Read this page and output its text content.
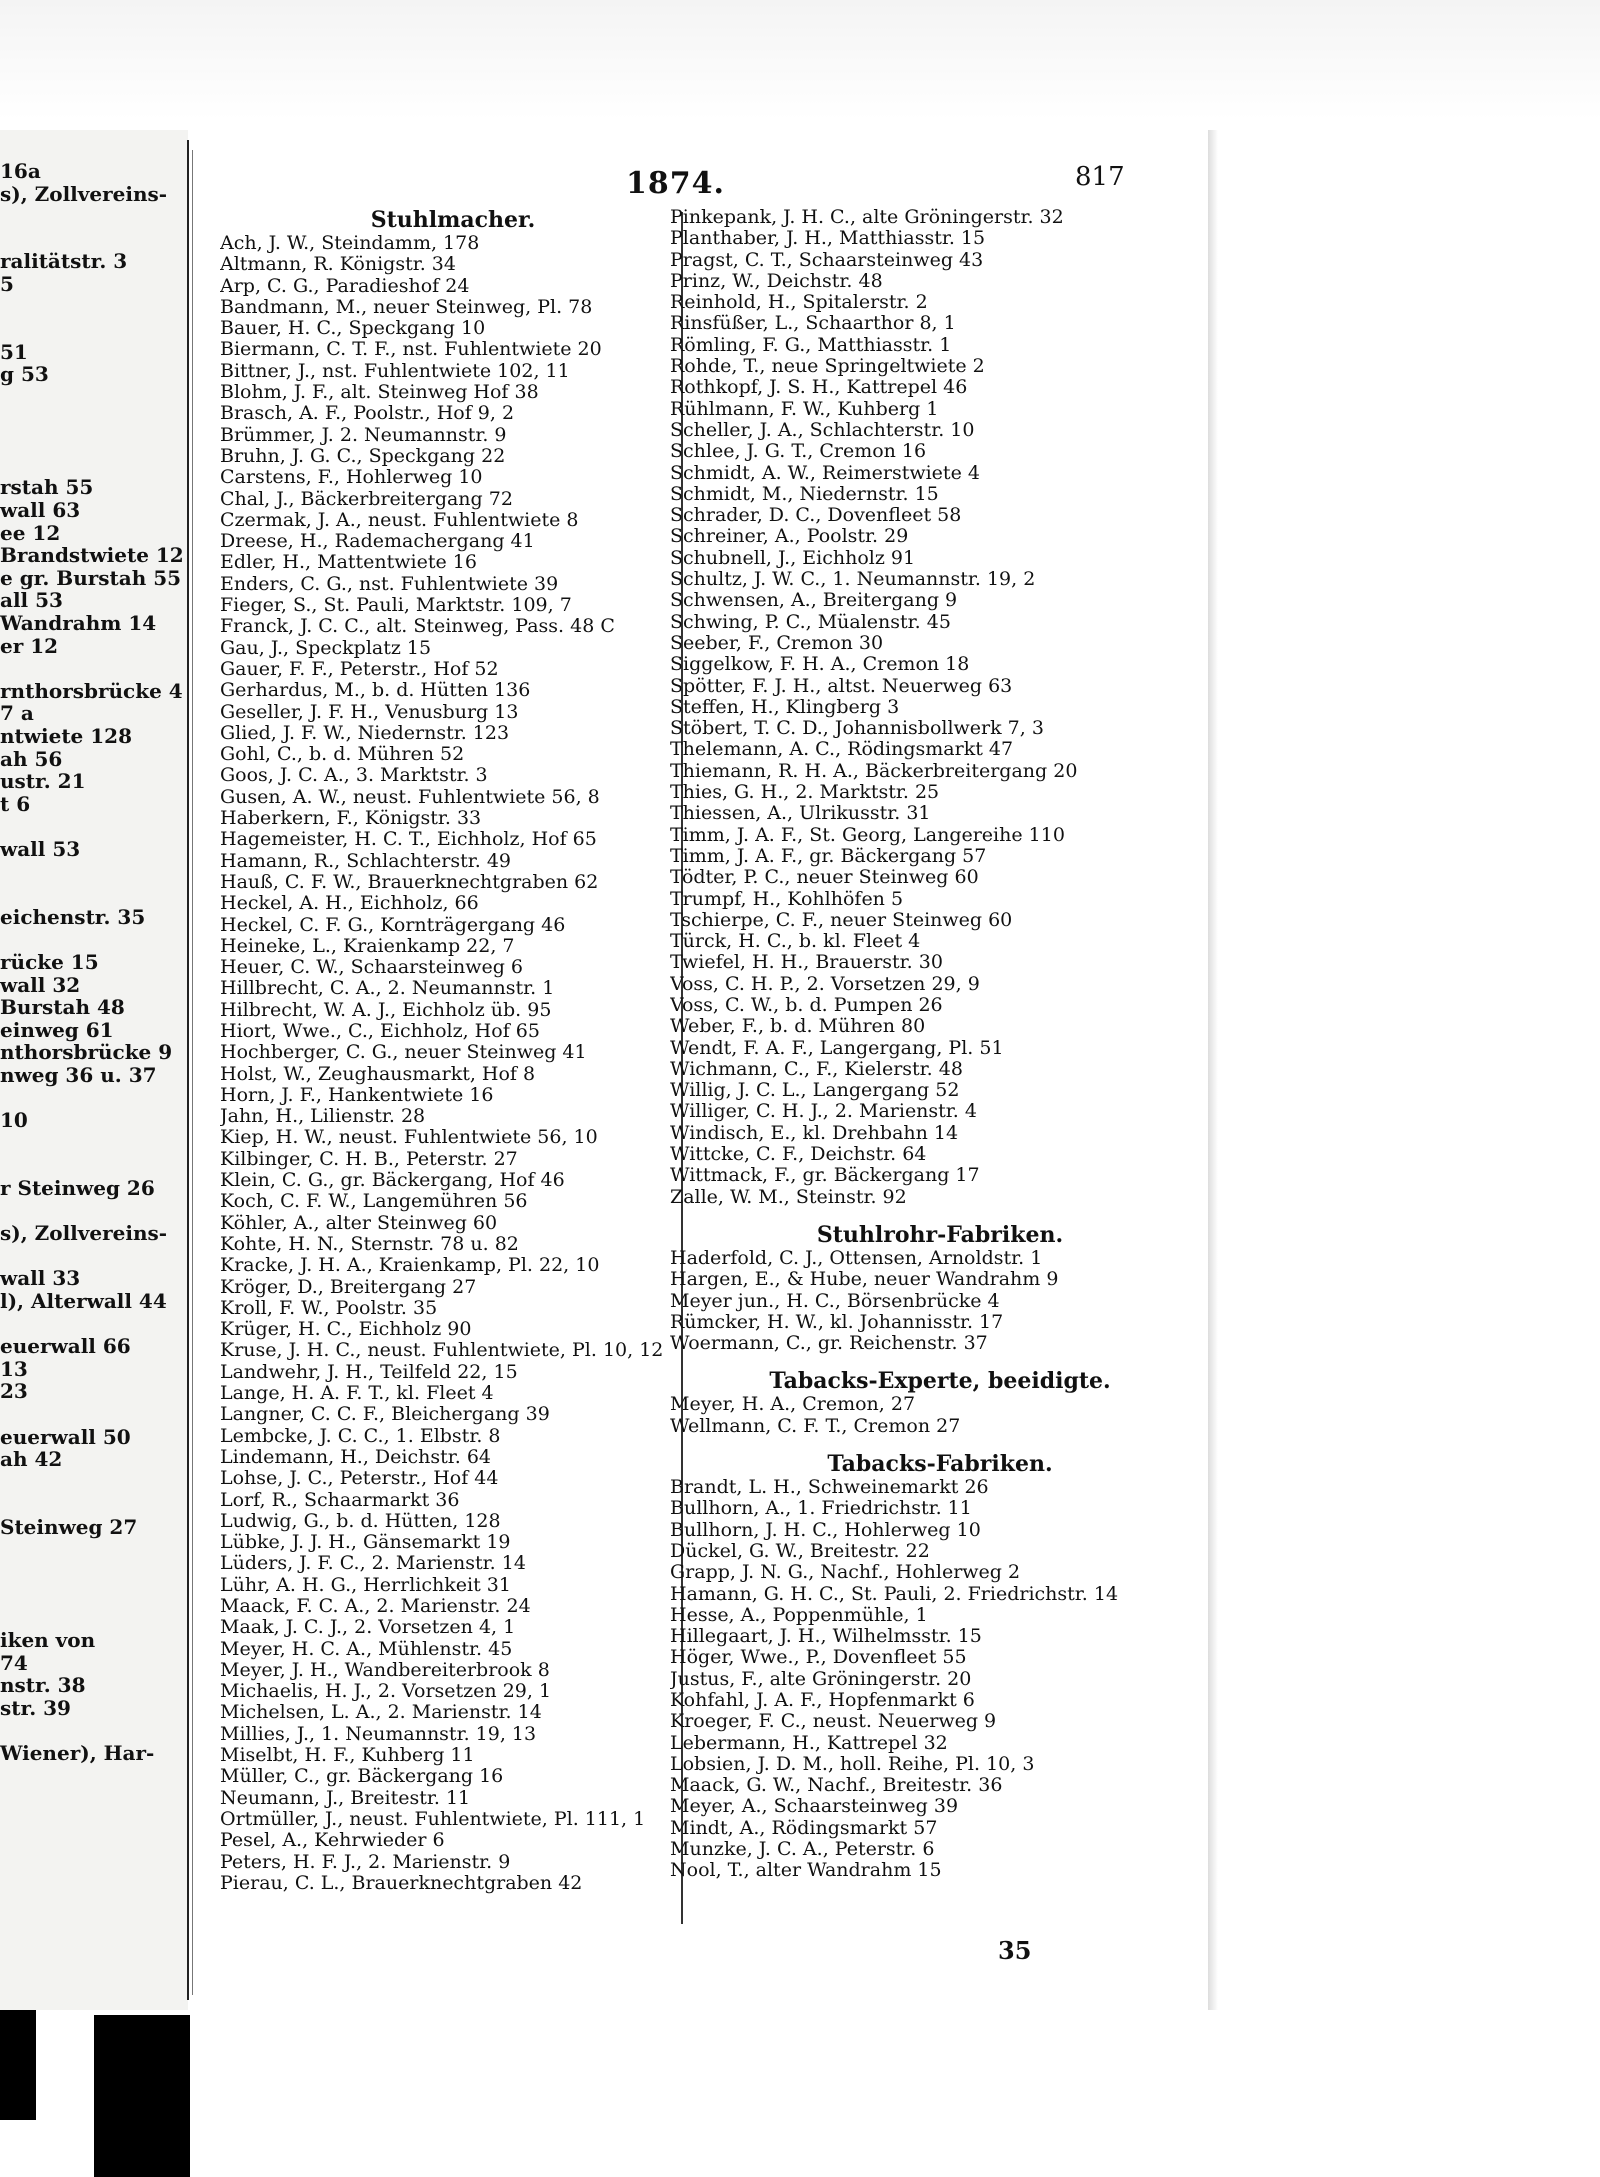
16a
s), Zollvereins-
ralitätstr. 3
5
51
g 53
rstah 55
wall 63
ee 12
Brandstwiete 12
e gr. Burstah 55
all 53
Wandrahm 14
er 12
rnthorsbrücke 4
7 a
ntwiete 128
ah 56
ustr. 21
t 6
wall 53
eichenstr. 35
rücke 15
wall 32
Burstah 48
einweg 61
nthorsbrücke 9
nweg 36 u. 37
10
r Steinweg 26
s), Zollvereins-
wall 33
l), Alterwall 44
euerwall 66
13
23
euerwall 50
ah 42
Steinweg 27
iken von
74
nstr. 38
str. 39
Wiener), Har-
1874.	817
Stuhlmacher.
Ach, J. W., Steindamm, 178
Altmann, R. Königstr. 34
Arp, C. G., Paradieshof 24
Bandmann, M., neuer Steinweg, Pl. 78
Bauer, H. C., Speckgang 10
Biermann, C. T. F., nst. Fuhlentwiete 20
Bittner, J., nst. Fuhlentwiete 102, 11
Blohm, J. F., alt. Steinweg Hof 38
Brasch, A. F., Poolstr., Hof 9, 2
Brümmer, J. 2. Neumannstr. 9
Bruhn, J. G. C., Speckgang 22
Carstens, F., Hohlerweg 10
Chal, J., Bäckerbreitergang 72
Czermak, J. A., neust. Fuhlentwiete 8
Dreese, H., Rademachergang 41
Edler, H., Mattentwiete 16
Enders, C. G., nst. Fuhlentwiete 39
Fieger, S., St. Pauli, Marktstr. 109, 7
Franck, J. C. C., alt. Steinweg, Pass. 48 C
Gau, J., Speckplatz 15
Gauer, F. F., Peterstr., Hof 52
Gerhardus, M., b. d. Hütten 136
Geseller, J. F. H., Venusburg 13
Glied, J. F. W., Niedernstr. 123
Gohl, C., b. d. Mühren 52
Goos, J. C. A., 3. Marktstr. 3
Gusen, A. W., neust. Fuhlentwiete 56, 8
Haberkern, F., Königstr. 33
Hagemeister, H. C. T., Eichholz, Hof 65
Hamann, R., Schlachterstr. 49
Hauß, C. F. W., Brauerknechtgraben 62
Heckel, A. H., Eichholz, 66
Heckel, C. F. G., Kornträgergang 46
Heineke, L., Kraienkamp 22, 7
Heuer, C. W., Schaarsteinweg 6
Hillbrecht, C. A., 2. Neumannstr. 1
Hilbrecht, W. A. J., Eichholz üb. 95
Hiort, Wwe., C., Eichholz, Hof 65
Hochberger, C. G., neuer Steinweg 41
Holst, W., Zeughausmarkt, Hof 8
Horn, J. F., Hankentwiete 16
Jahn, H., Lilienstr. 28
Kiep, H. W., neust. Fuhlentwiete 56, 10
Kilbinger, C. H. B., Peterstr. 27
Klein, C. G., gr. Bäckergang, Hof 46
Koch, C. F. W., Langemühren 56
Köhler, A., alter Steinweg 60
Kohte, H. N., Sternstr. 78 u. 82
Kracke, J. H. A., Kraienkamp, Pl. 22, 10
Kröger, D., Breitergang 27
Kroll, F. W., Poolstr. 35
Krüger, H. C., Eichholz 90
Kruse, J. H. C., neust. Fuhlentwiete, Pl. 10, 12
Landwehr, J. H., Teilfeld 22, 15
Lange, H. A. F. T., kl. Fleet 4
Langner, C. C. F., Bleichergang 39
Lembcke, J. C. C., 1. Elbstr. 8
Lindemann, H., Deichstr. 64
Lohse, J. C., Peterstr., Hof 44
Lorf, R., Schaarmarkt 36
Ludwig, G., b. d. Hütten, 128
Lübke, J. J. H., Gänsemarkt 19
Lüders, J. F. C., 2. Marienstr. 14
Lühr, A. H. G., Herrlichkeit 31
Maack, F. C. A., 2. Marienstr. 24
Maak, J. C. J., 2. Vorsetzen 4, 1
Meyer, H. C. A., Mühlenstr. 45
Meyer, J. H., Wandbereiterbrook 8
Michaelis, H. J., 2. Vorsetzen 29, 1
Michelsen, L. A., 2. Marienstr. 14
Millies, J., 1. Neumannstr. 19, 13
Miselbt, H. F., Kuhberg 11
Müller, C., gr. Bäckergang 16
Neumann, J., Breitestr. 11
Ortmüller, J., neust. Fuhlentwiete, Pl. 111, 1
Pesel, A., Kehrwieder 6
Peters, H. F. J., 2. Marienstr. 9
Pierau, C. L., Brauerknechtgraben 42
Pinkepank, J. H. C., alte Gröningerstr. 32
Planthaber, J. H., Matthiasstr. 15
Pragst, C. T., Schaarsteinweg 43
Prinz, W., Deichstr. 48
Reinhold, H., Spitalerstr. 2
Rinsfüßer, L., Schaarthor 8, 1
Römling, F. G., Matthiasstr. 1
Rohde, T., neue Springeltwiete 2
Rothkopf, J. S. H., Kattrepel 46
Rühlmann, F. W., Kuhberg 1
Scheller, J. A., Schlachterstr. 10
Schlee, J. G. T., Cremon 16
Schmidt, A. W., Reimerstwiete 4
Schmidt, M., Niedernstr. 15
Schrader, D. C., Dovenfleet 58
Schreiner, A., Poolstr. 29
Schubnell, J., Eichholz 91
Schultz, J. W. C., 1. Neumannstr. 19, 2
Schwensen, A., Breitergang 9
Schwing, P. C., Müalenstr. 45
Seeber, F., Cremon 30
Siggelkow, F. H. A., Cremon 18
Spötter, F. J. H., altst. Neuerweg 63
Steffen, H., Klingberg 3
Stöbert, T. C. D., Johannisbollwerk 7, 3
Thelemann, A. C., Rödingsmarkt 47
Thiemann, R. H. A., Bäckerbreitergang 20
Thies, G. H., 2. Marktstr. 25
Thiessen, A., Ulrikusstr. 31
Timm, J. A. F., St. Georg, Langereihe 110
Timm, J. A. F., gr. Bäckergang 57
Tödter, P. C., neuer Steinweg 60
Trumpf, H., Kohlhöfen 5
Tschierpe, C. F., neuer Steinweg 60
Türck, H. C., b. kl. Fleet 4
Twiefel, H. H., Brauerstr. 30
Voss, C. H. P., 2. Vorsetzen 29, 9
Voss, C. W., b. d. Pumpen 26
Weber, F., b. d. Mühren 80
Wendt, F. A. F., Langergang, Pl. 51
Wichmann, C., F., Kielerstr. 48
Willig, J. C. L., Langergang 52
Williger, C. H. J., 2. Marienstr. 4
Windisch, E., kl. Drehbahn 14
Wittcke, C. F., Deichstr. 64
Wittmack, F., gr. Bäckergang 17
Zalle, W. M., Steinstr. 92
Stuhlrohr-Fabriken.
Haderfold, C. J., Ottensen, Arnoldstr. 1
Hargen, E., & Hube, neuer Wandrahm 9
Meyer jun., H. C., Börsenbrücke 4
Rümcker, H. W., kl. Johannisstr. 17
Woermann, C., gr. Reichenstr. 37
Tabacks-Experte, beeidigte.
Meyer, H. A., Cremon, 27
Wellmann, C. F. T., Cremon 27
Tabacks-Fabriken.
Brandt, L. H., Schweinemarkt 26
Bullhorn, A., 1. Friedrichstr. 11
Bullhorn, J. H. C., Hohlerweg 10
Dückel, G. W., Breitestr. 22
Grapp, J. N. G., Nachf., Hohlerweg 2
Hamann, G. H. C., St. Pauli, 2. Friedrichstr. 14
Hesse, A., Poppenmühle, 1
Hillegaart, J. H., Wilhelmsstr. 15
Höger, Wwe., P., Dovenfleet 55
Justus, F., alte Gröningerstr. 20
Kohfahl, J. A. F., Hopfenmarkt 6
Kroeger, F. C., neust. Neuerweg 9
Lebermann, H., Kattrepel 32
Lobsien, J. D. M., holl. Reihe, Pl. 10, 3
Maack, G. W., Nachf., Breitestr. 36
Meyer, A., Schaarsteinweg 39
Mindt, A., Rödingsmarkt 57
Munzke, J. C. A., Peterstr. 6
Nool, T., alter Wandrahm 15
35
